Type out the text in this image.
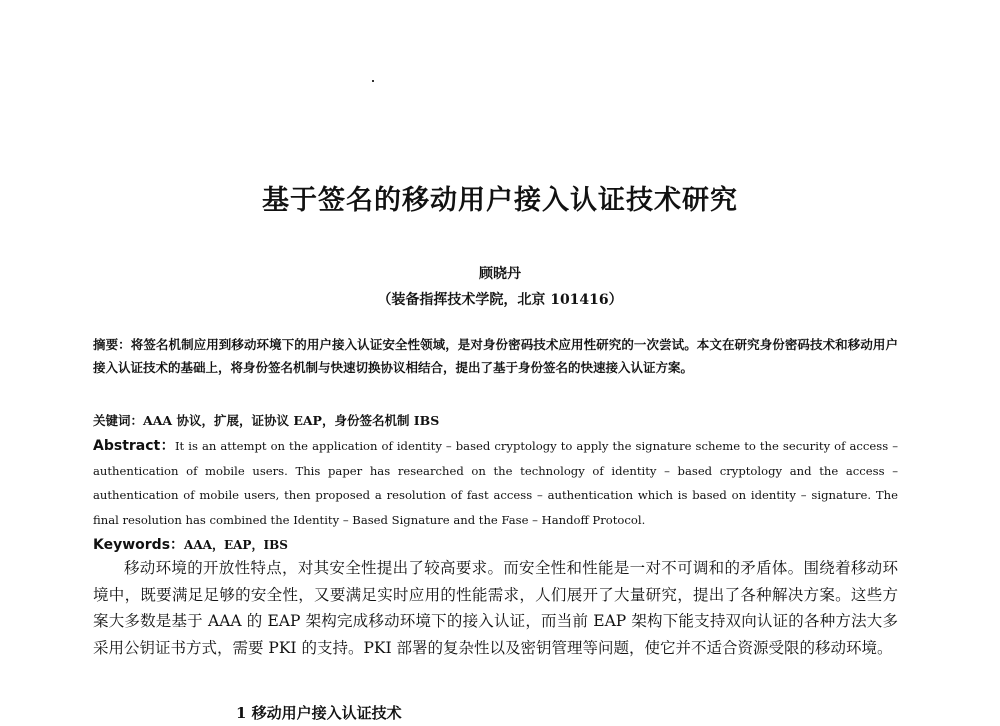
基于签名的移动用户接入认证技术研究
顾晓丹
（装备指挥技术学院，北京 101416）
摘要：将签名机制应用到移动环境下的用户接入认证安全性领域，是对身份密码技术应用性研究的一次尝试。本文在研究身份密码技术和移动用户接入认证技术的基础上，将身份签名机制与快速切换协议相结合，提出了基于身份签名的快速接入认证方案。
关键词：AAA 协议，扩展，证协议 EAP，身份签名机制 IBS
Abstract：It is an attempt on the application of identity – based cryptology to apply the signature scheme to the security of access – authentication of mobile users. This paper has researched on the technology of identity – based cryptology and the access – authentication of mobile users, then proposed a resolution of fast access – authentication which is based on identity – signature. The final resolution has combined the Identity – Based Signature and the Fase – Handoff Protocol.
Keywords：AAA，EAP，IBS

移动环境的开放性特点，对其安全性提出了较高要求。而安全性和性能是一对不可调和的矛盾体。围绕着移动环境中，既要满足足够的安全性，又要满足实时应用的性能需求，人们展开了大量研究，提出了各种解决方案。这些方案大多数是基于 AAA 的 EAP 架构完成移动环境下的接入认证，而当前 EAP 架构下能支持双向认证的各种方法大多采用公钥证书方式，需要 PKI 的支持。PKI 部署的复杂性以及密钥管理等问题，使它并不适合资源受限的移动环境。

1 移动用户接入认证技术
